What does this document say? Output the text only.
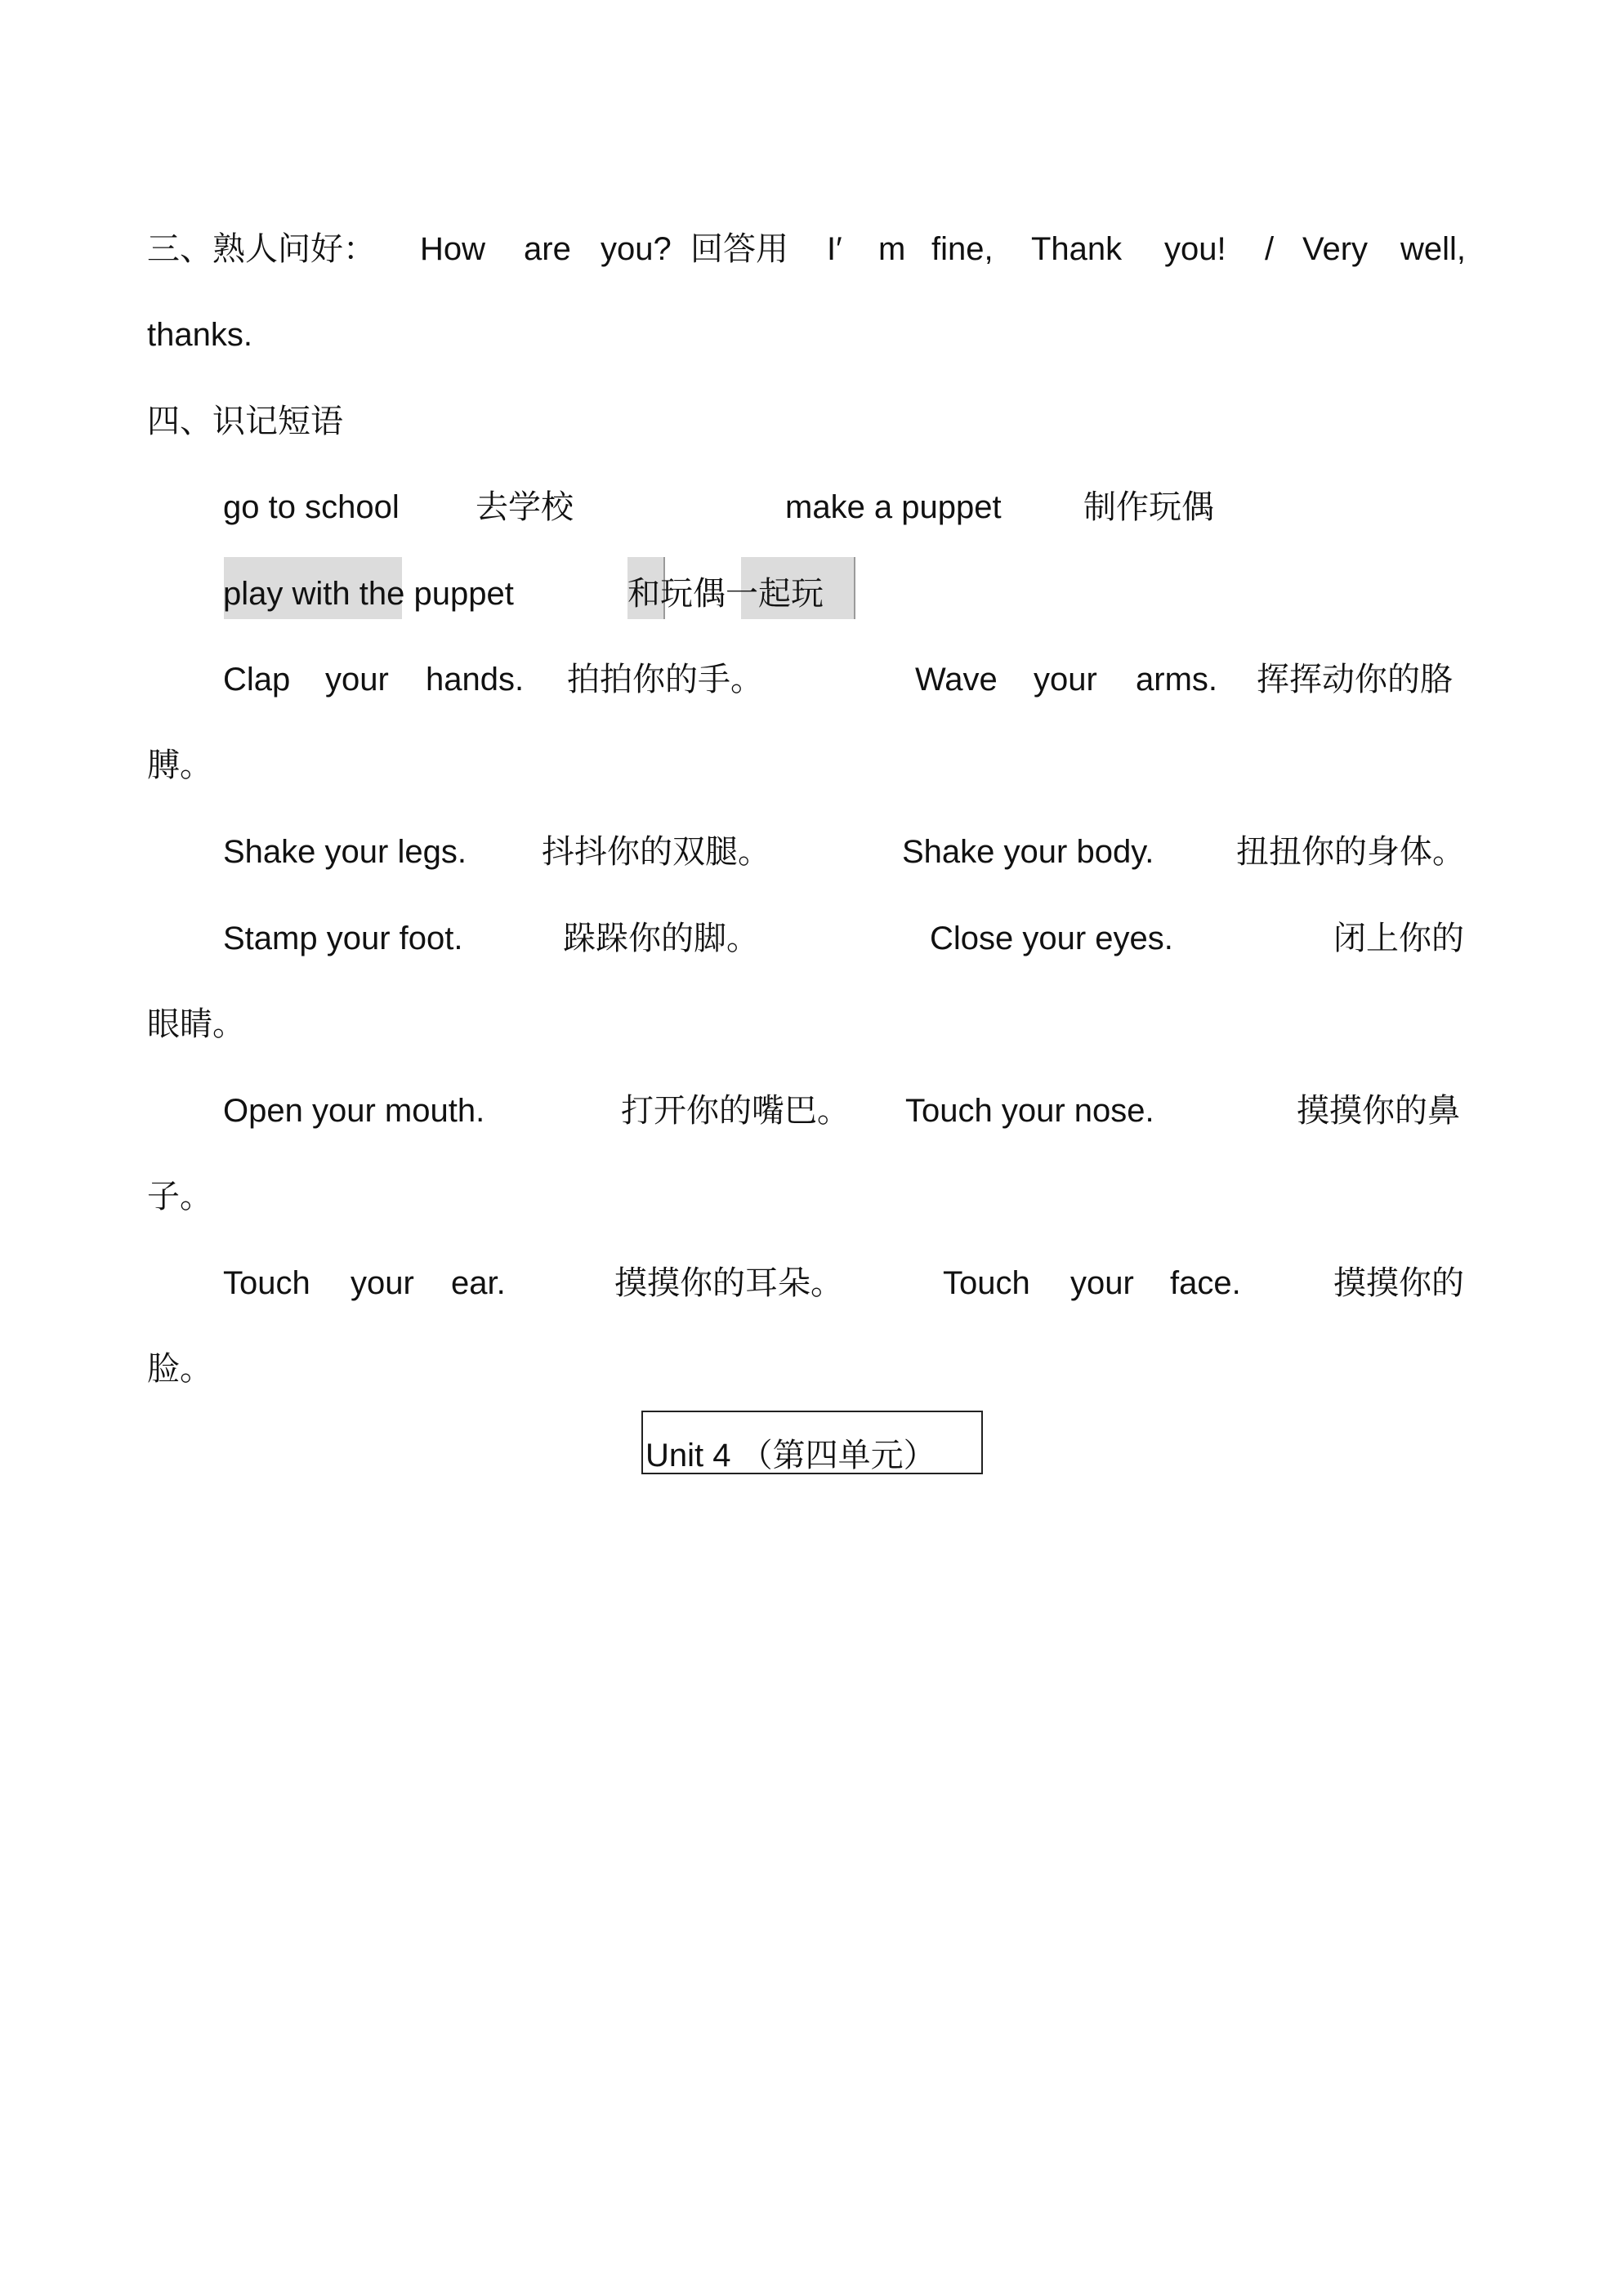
三、熟人问好： How are you? 回答用 I′ m fine, Thank you! / Very well,
thanks.
四、识记短语
go to school 去学校	make a puppet	制作玩偶
play with the puppet	和玩偶一起玩
Clap your hands. 拍拍你的手。	Wave your arms. 挥挥动你的胳
膊。
Shake your legs. 抖抖你的双腿。	Shake your body.	扭扭你的身体。
Stamp your foot.	跺跺你的脚。	Close your eyes.	闭上你的
眼睛。
Open your mouth.	打开你的嘴巴。 Touch your nose.	摸摸你的鼻
子。
Touch your ear.	摸摸你的耳朵。	Touch your face.	摸摸你的
脸。
Unit 4 （第四单元）
